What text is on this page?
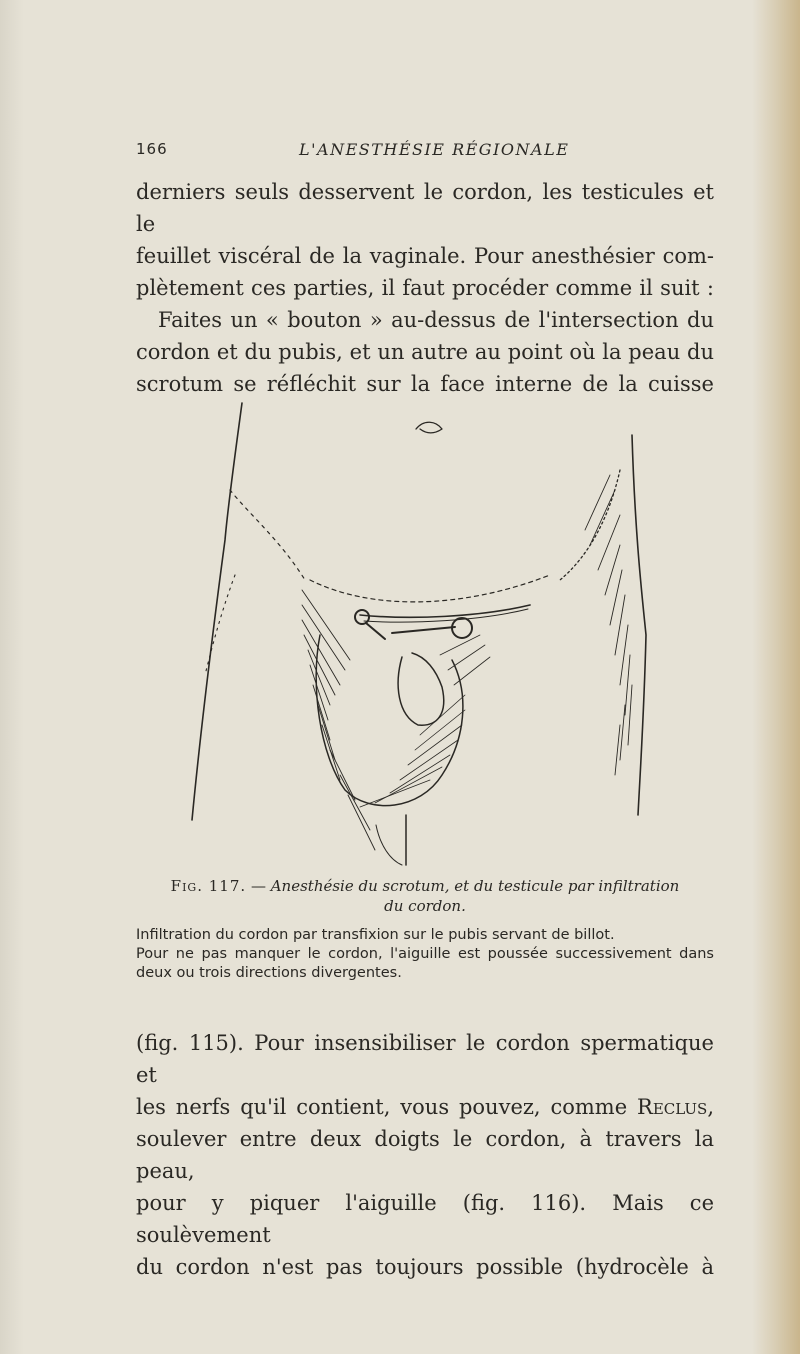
166	L'ANESTHÉSIE RÉGIONALE

derniers seuls desservent le cordon, les testicules et le

feuillet viscéral de la vaginale. Pour anesthésier com-

plètement ces parties, il faut procéder comme il suit :

Faites un « bouton » au-dessus de l'intersection du

cordon et du pubis, et un autre au point où la peau du

scrotum se réfléchit sur la face interne de la cuisse

Fig. 117. — Anesthésie du scrotum, et du testicule par infiltration
du cordon.

Infiltration du cordon par transfixion sur le pubis servant de billot.

Pour ne pas manquer le cordon, l'aiguille est poussée successivement dans deux ou trois directions divergentes.

(fig. 115). Pour insensibiliser le cordon spermatique et

les nerfs qu'il contient, vous pouvez, comme Reclus,

soulever entre deux doigts le cordon, à travers la peau,

pour y piquer l'aiguille (fig. 116). Mais ce soulèvement

du cordon n'est pas toujours possible (hydrocèle à
